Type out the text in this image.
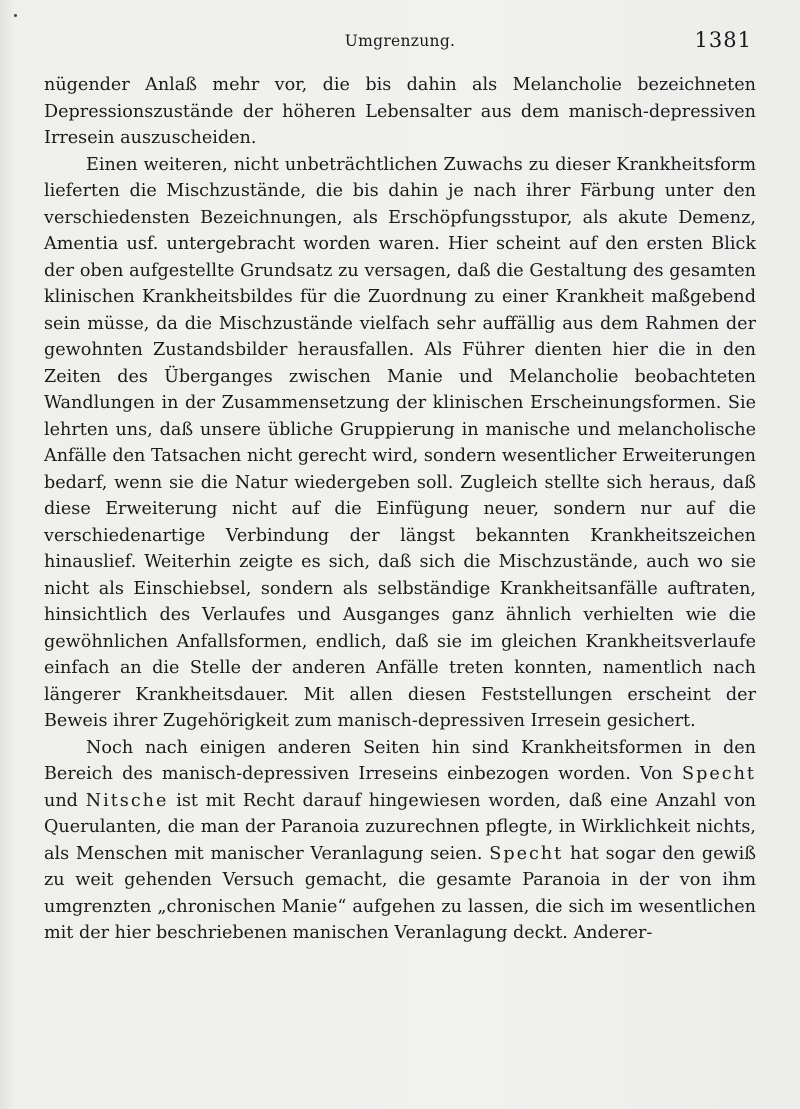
Umgrenzung.	1381

nügender Anlaß mehr vor, die bis dahin als Melancholie bezeichneten Depressionszustände der höheren Lebensalter aus dem manisch-depressiven Irresein auszuscheiden.

Einen weiteren, nicht unbeträchtlichen Zuwachs zu dieser Krankheitsform lieferten die Mischzustände, die bis dahin je nach ihrer Färbung unter den verschiedensten Bezeichnungen, als Erschöpfungsstupor, als akute Demenz, Amentia usf. untergebracht worden waren. Hier scheint auf den ersten Blick der oben aufgestellte Grundsatz zu versagen, daß die Gestaltung des gesamten klinischen Krankheitsbildes für die Zuordnung zu einer Krankheit maßgebend sein müsse, da die Mischzustände vielfach sehr auffällig aus dem Rahmen der gewohnten Zustandsbilder herausfallen. Als Führer dienten hier die in den Zeiten des Überganges zwischen Manie und Melancholie beobachteten Wandlungen in der Zusammensetzung der klinischen Erscheinungsformen. Sie lehrten uns, daß unsere übliche Gruppierung in manische und melancholische Anfälle den Tatsachen nicht gerecht wird, sondern wesentlicher Erweiterungen bedarf, wenn sie die Natur wiedergeben soll. Zugleich stellte sich heraus, daß diese Erweiterung nicht auf die Einfügung neuer, sondern nur auf die verschiedenartige Verbindung der längst bekannten Krankheitszeichen hinauslief. Weiterhin zeigte es sich, daß sich die Mischzustände, auch wo sie nicht als Einschiebsel, sondern als selbständige Krankheitsanfälle auftraten, hinsichtlich des Verlaufes und Ausganges ganz ähnlich verhielten wie die gewöhnlichen Anfallsformen, endlich, daß sie im gleichen Krankheitsverlaufe einfach an die Stelle der anderen Anfälle treten konnten, namentlich nach längerer Krankheitsdauer. Mit allen diesen Feststellungen erscheint der Beweis ihrer Zugehörigkeit zum manisch-depressiven Irresein gesichert.

Noch nach einigen anderen Seiten hin sind Krankheitsformen in den Bereich des manisch-depressiven Irreseins einbezogen worden. Von Specht und Nitsche ist mit Recht darauf hingewiesen worden, daß eine Anzahl von Querulanten, die man der Paranoia zuzurechnen pflegte, in Wirklichkeit nichts, als Menschen mit manischer Veranlagung seien. Specht hat sogar den gewiß zu weit gehenden Versuch gemacht, die gesamte Paranoia in der von ihm umgrenzten „chronischen Manie“ aufgehen zu lassen, die sich im wesentlichen mit der hier beschriebenen manischen Veranlagung deckt. Anderer-
